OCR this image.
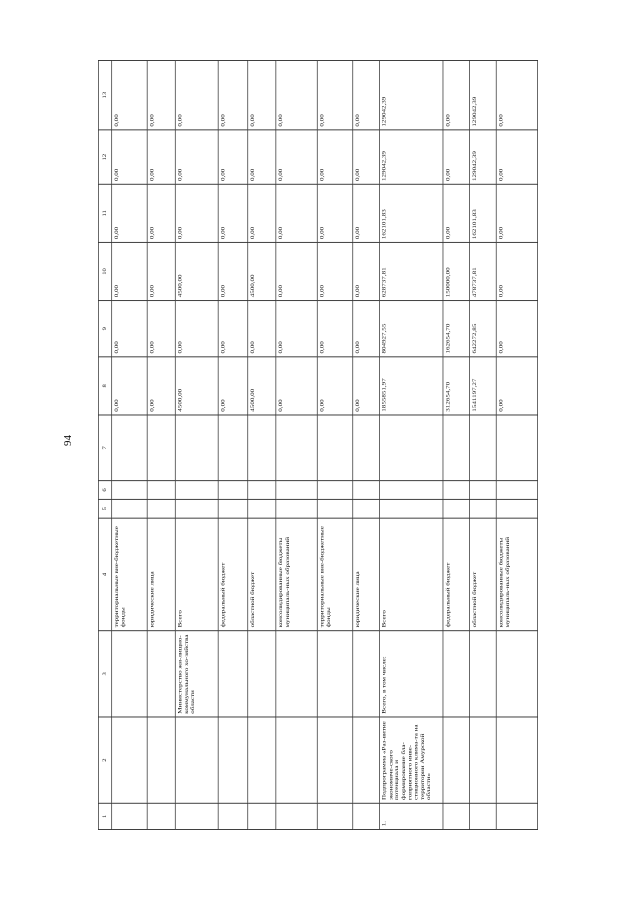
94
1	2	3	4	5	6	7	8	9	10	11	12	13
			территориальные вне-бюджетные фонды				0,00	0,00	0,00	0,00	0,00	0,00
			юридические лица				0,00	0,00	0,00	0,00	0,00	0,00
		Министерство жи-лищно-коммунального хо-зяйства области	Всего				4500,00	0,00	4500,00	0,00	0,00	0,00
			федеральный бюджет				0,00	0,00	0,00	0,00	0,00	0,00
			областной бюджет				4500,00	0,00	4500,00	0,00	0,00	0,00
			консолидированные бюджеты муниципаль-ных образований				0,00	0,00	0,00	0,00	0,00	0,00
			территориальные вне-бюджетные фонды				0,00	0,00	0,00	0,00	0,00	0,00
			юридические лица				0,00	0,00	0,00	0,00	0,00	0,00
1.	Подпрограмма «Раз-витие экономиче-ского потенциала и формирование бла-гоприятного инве-стиционного клима-та на территории Амурской области»	Всего, в том числе:	Всего				1855851,97	804927,55	628737,81	162101,83	129042,39	129042,39
			федеральный бюджет				312654,70	162654,70	150000,00	0,00	0,00	0,00
			областной бюджет				1541197,27	642272,85	478737,81	162101,83	129042,39	129042,39
			консолидированные бюджеты муниципаль-ных образований				0,00	0,00	0,00	0,00	0,00	0,00
